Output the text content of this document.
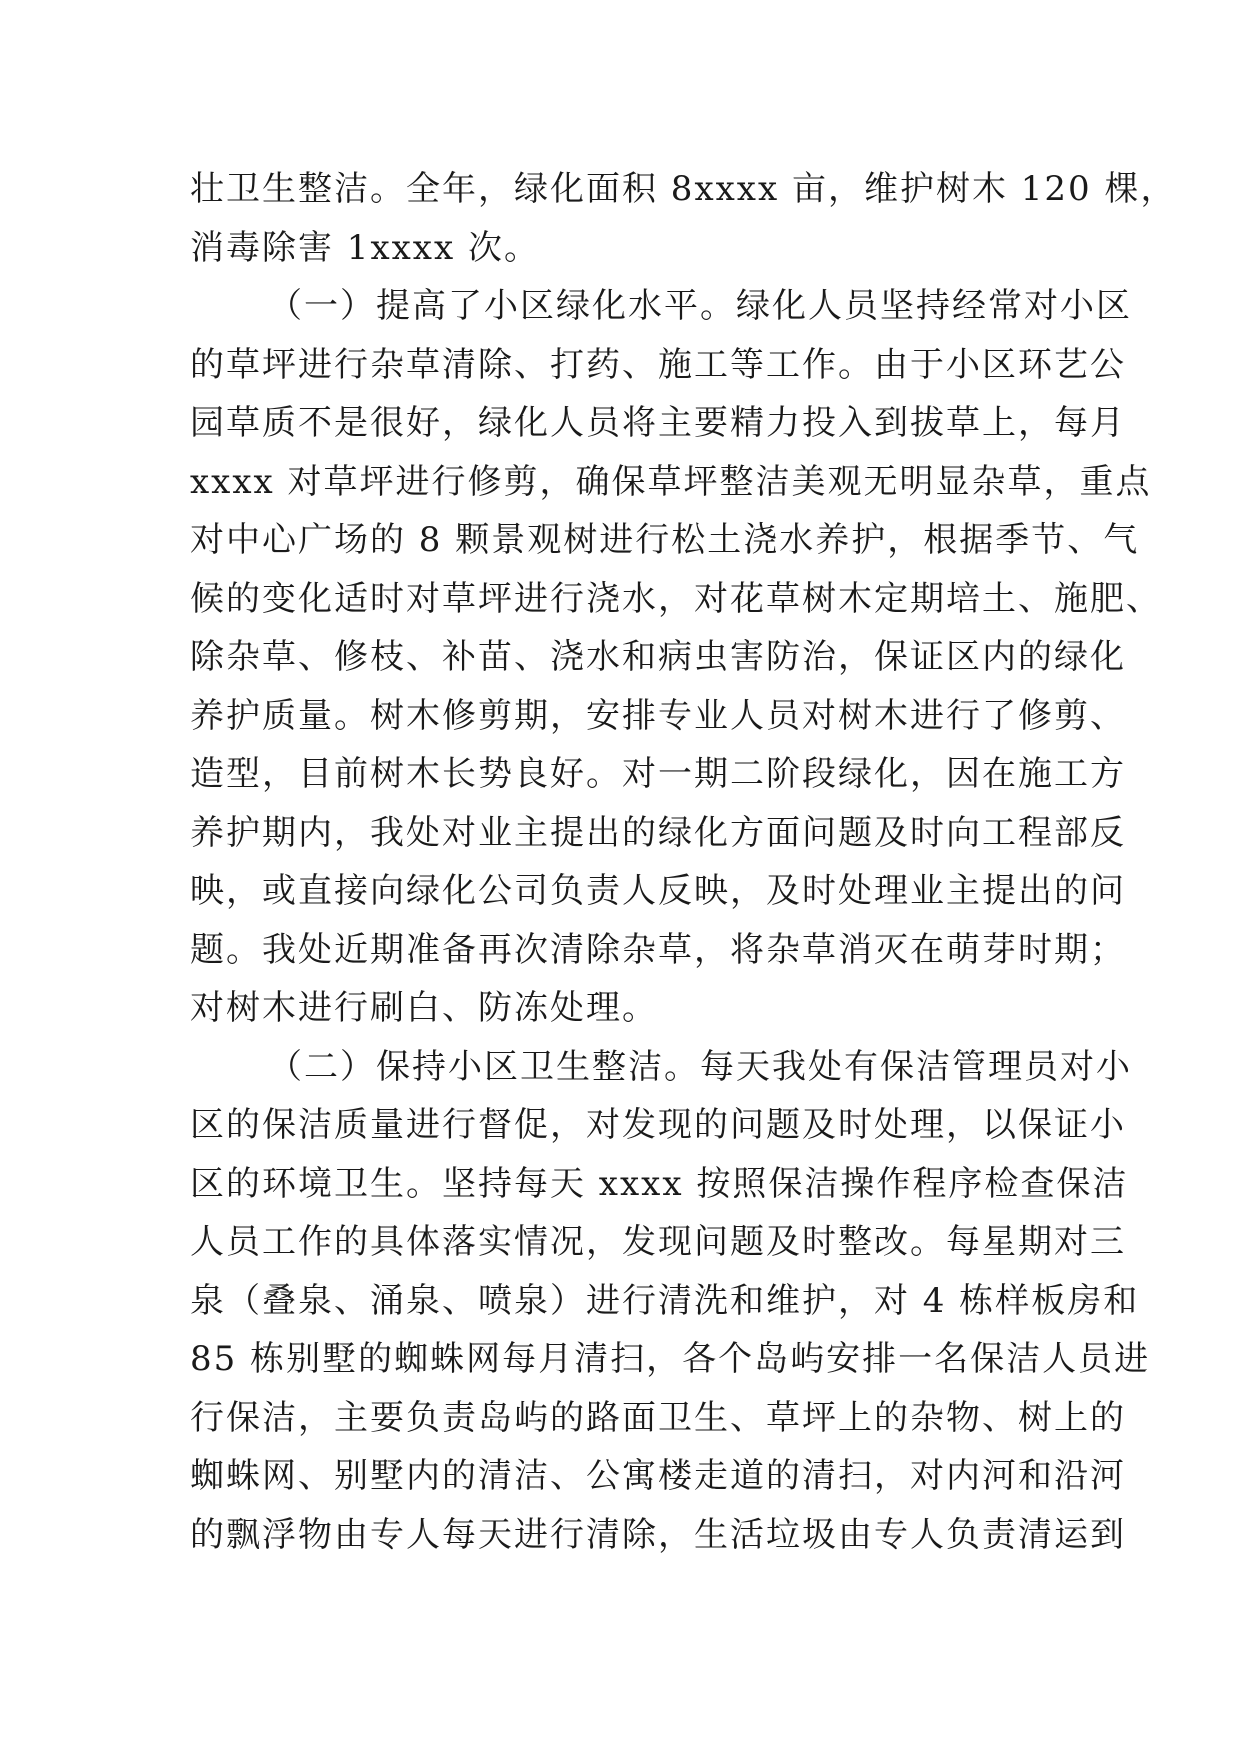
壮卫生整洁。全年，绿化面积 8xxxx 亩，维护树木 120 棵，
消毒除害 1xxxx 次。
（一）提高了小区绿化水平。绿化人员坚持经常对小区
的草坪进行杂草清除、打药、施工等工作。由于小区环艺公
园草质不是很好，绿化人员将主要精力投入到拔草上，每月
xxxx 对草坪进行修剪，确保草坪整洁美观无明显杂草，重点
对中心广场的 8 颗景观树进行松土浇水养护，根据季节、气
候的变化适时对草坪进行浇水，对花草树木定期培土、施肥、
除杂草、修枝、补苗、浇水和病虫害防治，保证区内的绿化
养护质量。树木修剪期，安排专业人员对树木进行了修剪、
造型，目前树木长势良好。对一期二阶段绿化，因在施工方
养护期内，我处对业主提出的绿化方面问题及时向工程部反
映，或直接向绿化公司负责人反映，及时处理业主提出的问
题。我处近期准备再次清除杂草，将杂草消灭在萌芽时期；
对树木进行刷白、防冻处理。
（二）保持小区卫生整洁。每天我处有保洁管理员对小
区的保洁质量进行督促，对发现的问题及时处理，以保证小
区的环境卫生。坚持每天 xxxx 按照保洁操作程序检查保洁
人员工作的具体落实情况，发现问题及时整改。每星期对三
泉（叠泉、涌泉、喷泉）进行清洗和维护，对 4 栋样板房和
85 栋别墅的蜘蛛网每月清扫，各个岛屿安排一名保洁人员进
行保洁，主要负责岛屿的路面卫生、草坪上的杂物、树上的
蜘蛛网、别墅内的清洁、公寓楼走道的清扫，对内河和沿河
的飘浮物由专人每天进行清除，生活垃圾由专人负责清运到
